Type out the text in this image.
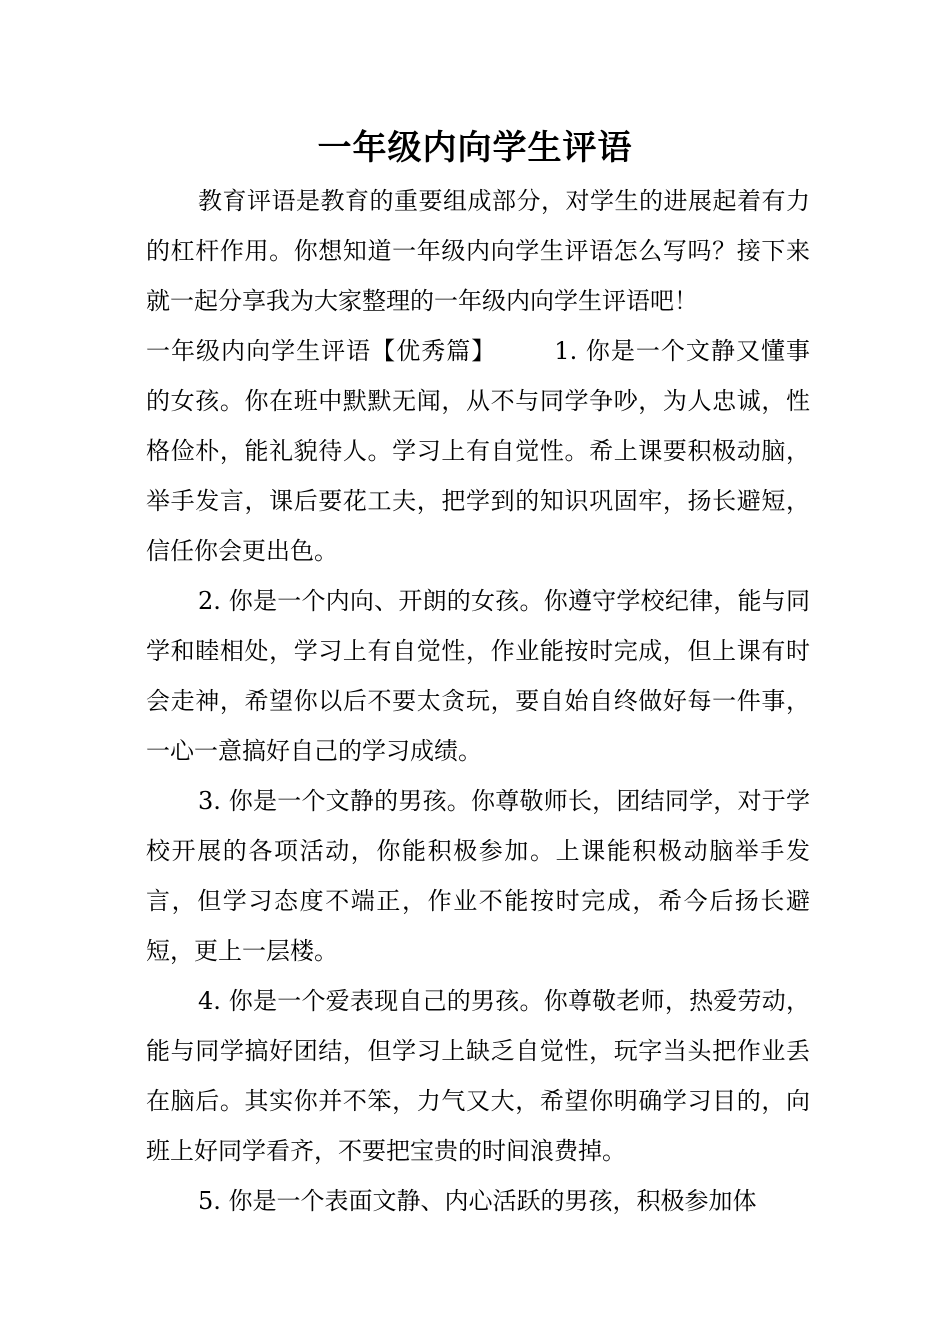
一年级内向学生评语

教育评语是教育的重要组成部分，对学生的进展起着有力的杠杆作用。你想知道一年级内向学生评语怎么写吗？接下来就一起分享我为大家整理的一年级内向学生评语吧！

一年级内向学生评语【优秀篇】 1. 你是一个文静又懂事的女孩。你在班中默默无闻，从不与同学争吵，为人忠诚，性格俭朴，能礼貌待人。学习上有自觉性。希上课要积极动脑，举手发言，课后要花工夫，把学到的知识巩固牢，扬长避短，信任你会更出色。

2. 你是一个内向、开朗的女孩。你遵守学校纪律，能与同学和睦相处，学习上有自觉性，作业能按时完成，但上课有时会走神，希望你以后不要太贪玩，要自始自终做好每一件事，一心一意搞好自己的学习成绩。

3. 你是一个文静的男孩。你尊敬师长，团结同学，对于学校开展的各项活动，你能积极参加。上课能积极动脑举手发言，但学习态度不端正，作业不能按时完成，希今后扬长避短，更上一层楼。

4. 你是一个爱表现自己的男孩。你尊敬老师，热爱劳动，能与同学搞好团结，但学习上缺乏自觉性，玩字当头把作业丢在脑后。其实你并不笨，力气又大，希望你明确学习目的，向班上好同学看齐，不要把宝贵的时间浪费掉。

5. 你是一个表面文静、内心活跃的男孩，积极参加体
